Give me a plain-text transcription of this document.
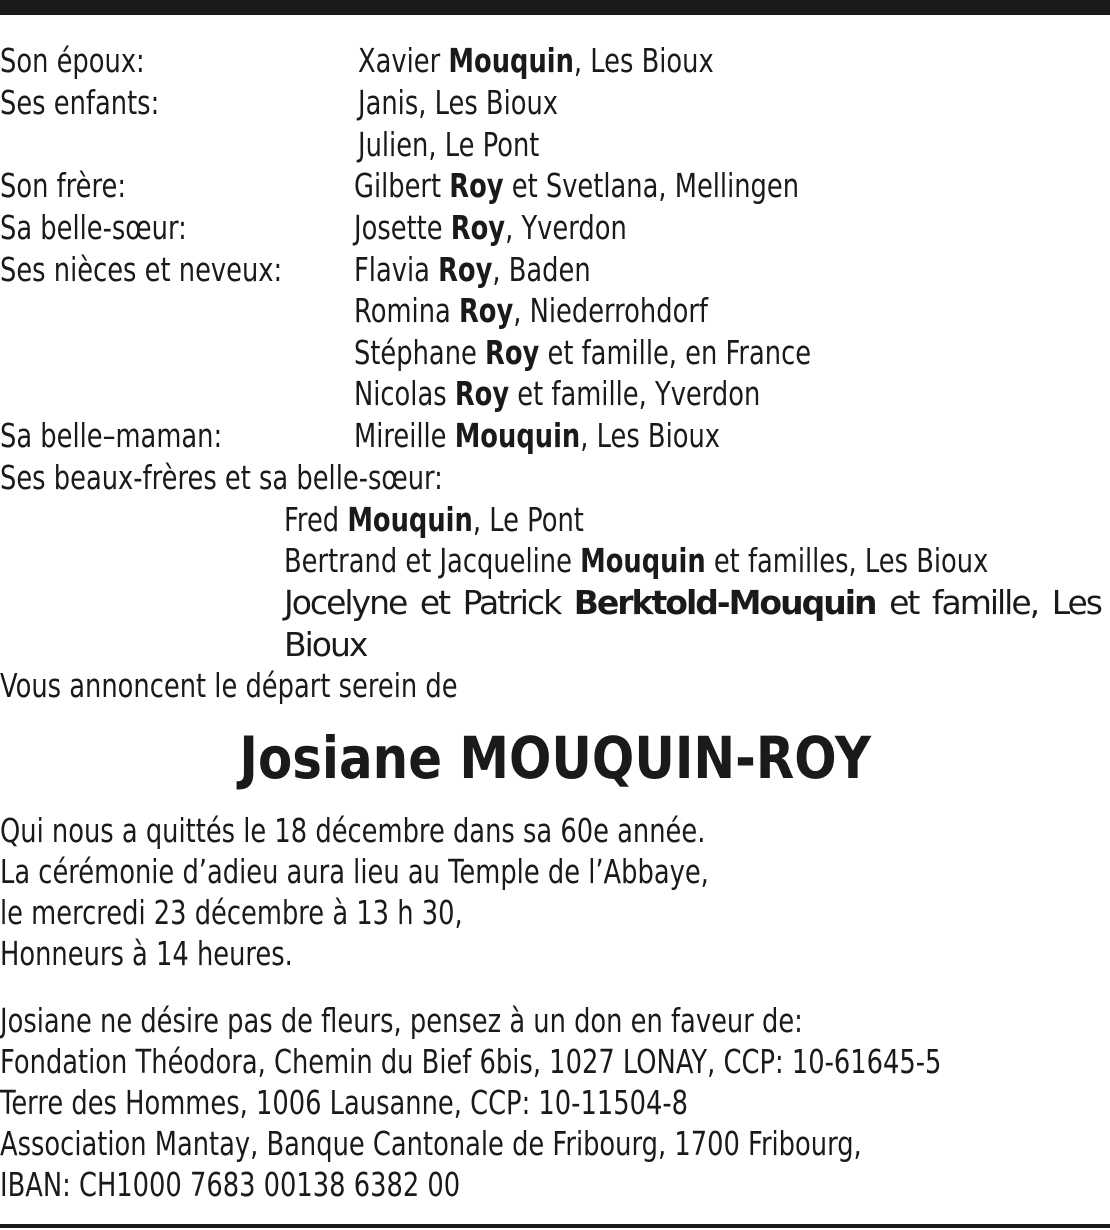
Son époux:	Xavier Mouquin, Les Bioux
Ses enfants:	Janis, Les Bioux
Julien, Le Pont
Son frère:	Gilbert Roy et Svetlana, Mellingen
Sa belle-sœur:	Josette Roy, Yverdon
Ses nièces et neveux: Flavia Roy, Baden
Romina Roy, Niederrohdorf
Stéphane Roy et famille, en France
Nicolas Roy et famille, Yverdon
Sa belle–maman:	Mireille Mouquin, Les Bioux
Ses beaux-frères et sa belle-sœur:
Fred Mouquin, Le Pont
Bertrand et Jacqueline Mouquin et familles, Les Bioux
Jocelyne et Patrick Berktold-Mouquin et famille, Les Bioux
Vous annoncent le départ serein de
Josiane MOUQUIN-ROY
Qui nous a quittés le 18 décembre dans sa 60e année.
La cérémonie d’adieu aura lieu au Temple de l’Abbaye,
le mercredi 23 décembre à 13 h 30,
Honneurs à 14 heures.
Josiane ne désire pas de fleurs, pensez à un don en faveur de:
Fondation Théodora, Chemin du Bief 6bis, 1027 LONAY, CCP: 10-61645-5
Terre des Hommes, 1006 Lausanne, CCP: 10-11504-8
Association Mantay, Banque Cantonale de Fribourg, 1700 Fribourg,
IBAN: CH1000 7683 00138 6382 00
